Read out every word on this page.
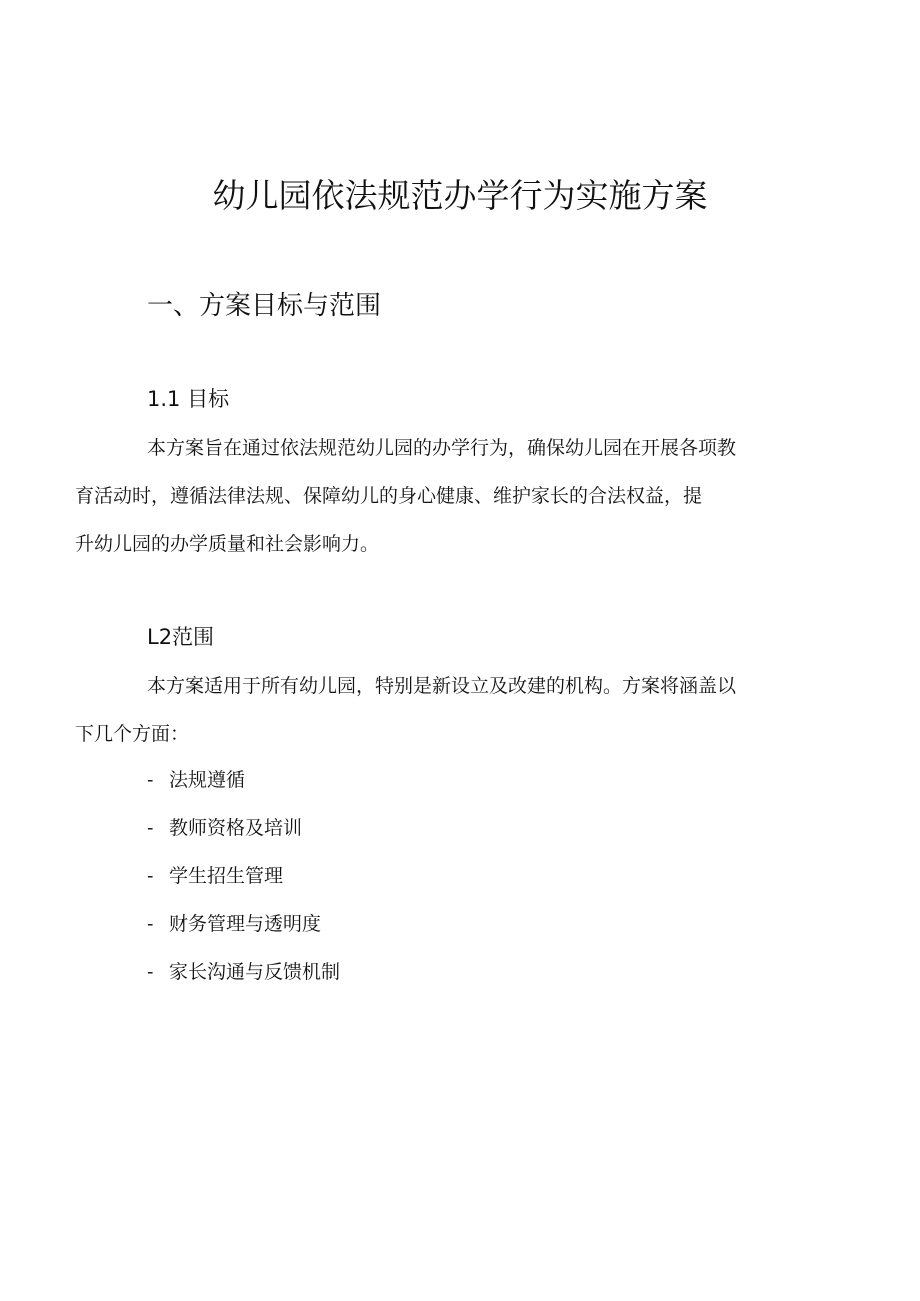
幼儿园依法规范办学行为实施方案
一、方案目标与范围
1.1 目标
本方案旨在通过依法规范幼儿园的办学行为，确保幼儿园在开展各项教
育活动时，遵循法律法规、保障幼儿的身心健康、维护家长的合法权益，提
升幼儿园的办学质量和社会影响力。
L2范围
本方案适用于所有幼儿园，特别是新设立及改建的机构。方案将涵盖以
下几个方面：
- 法规遵循
- 教师资格及培训
- 学生招生管理
- 财务管理与透明度
- 家长沟通与反馈机制
